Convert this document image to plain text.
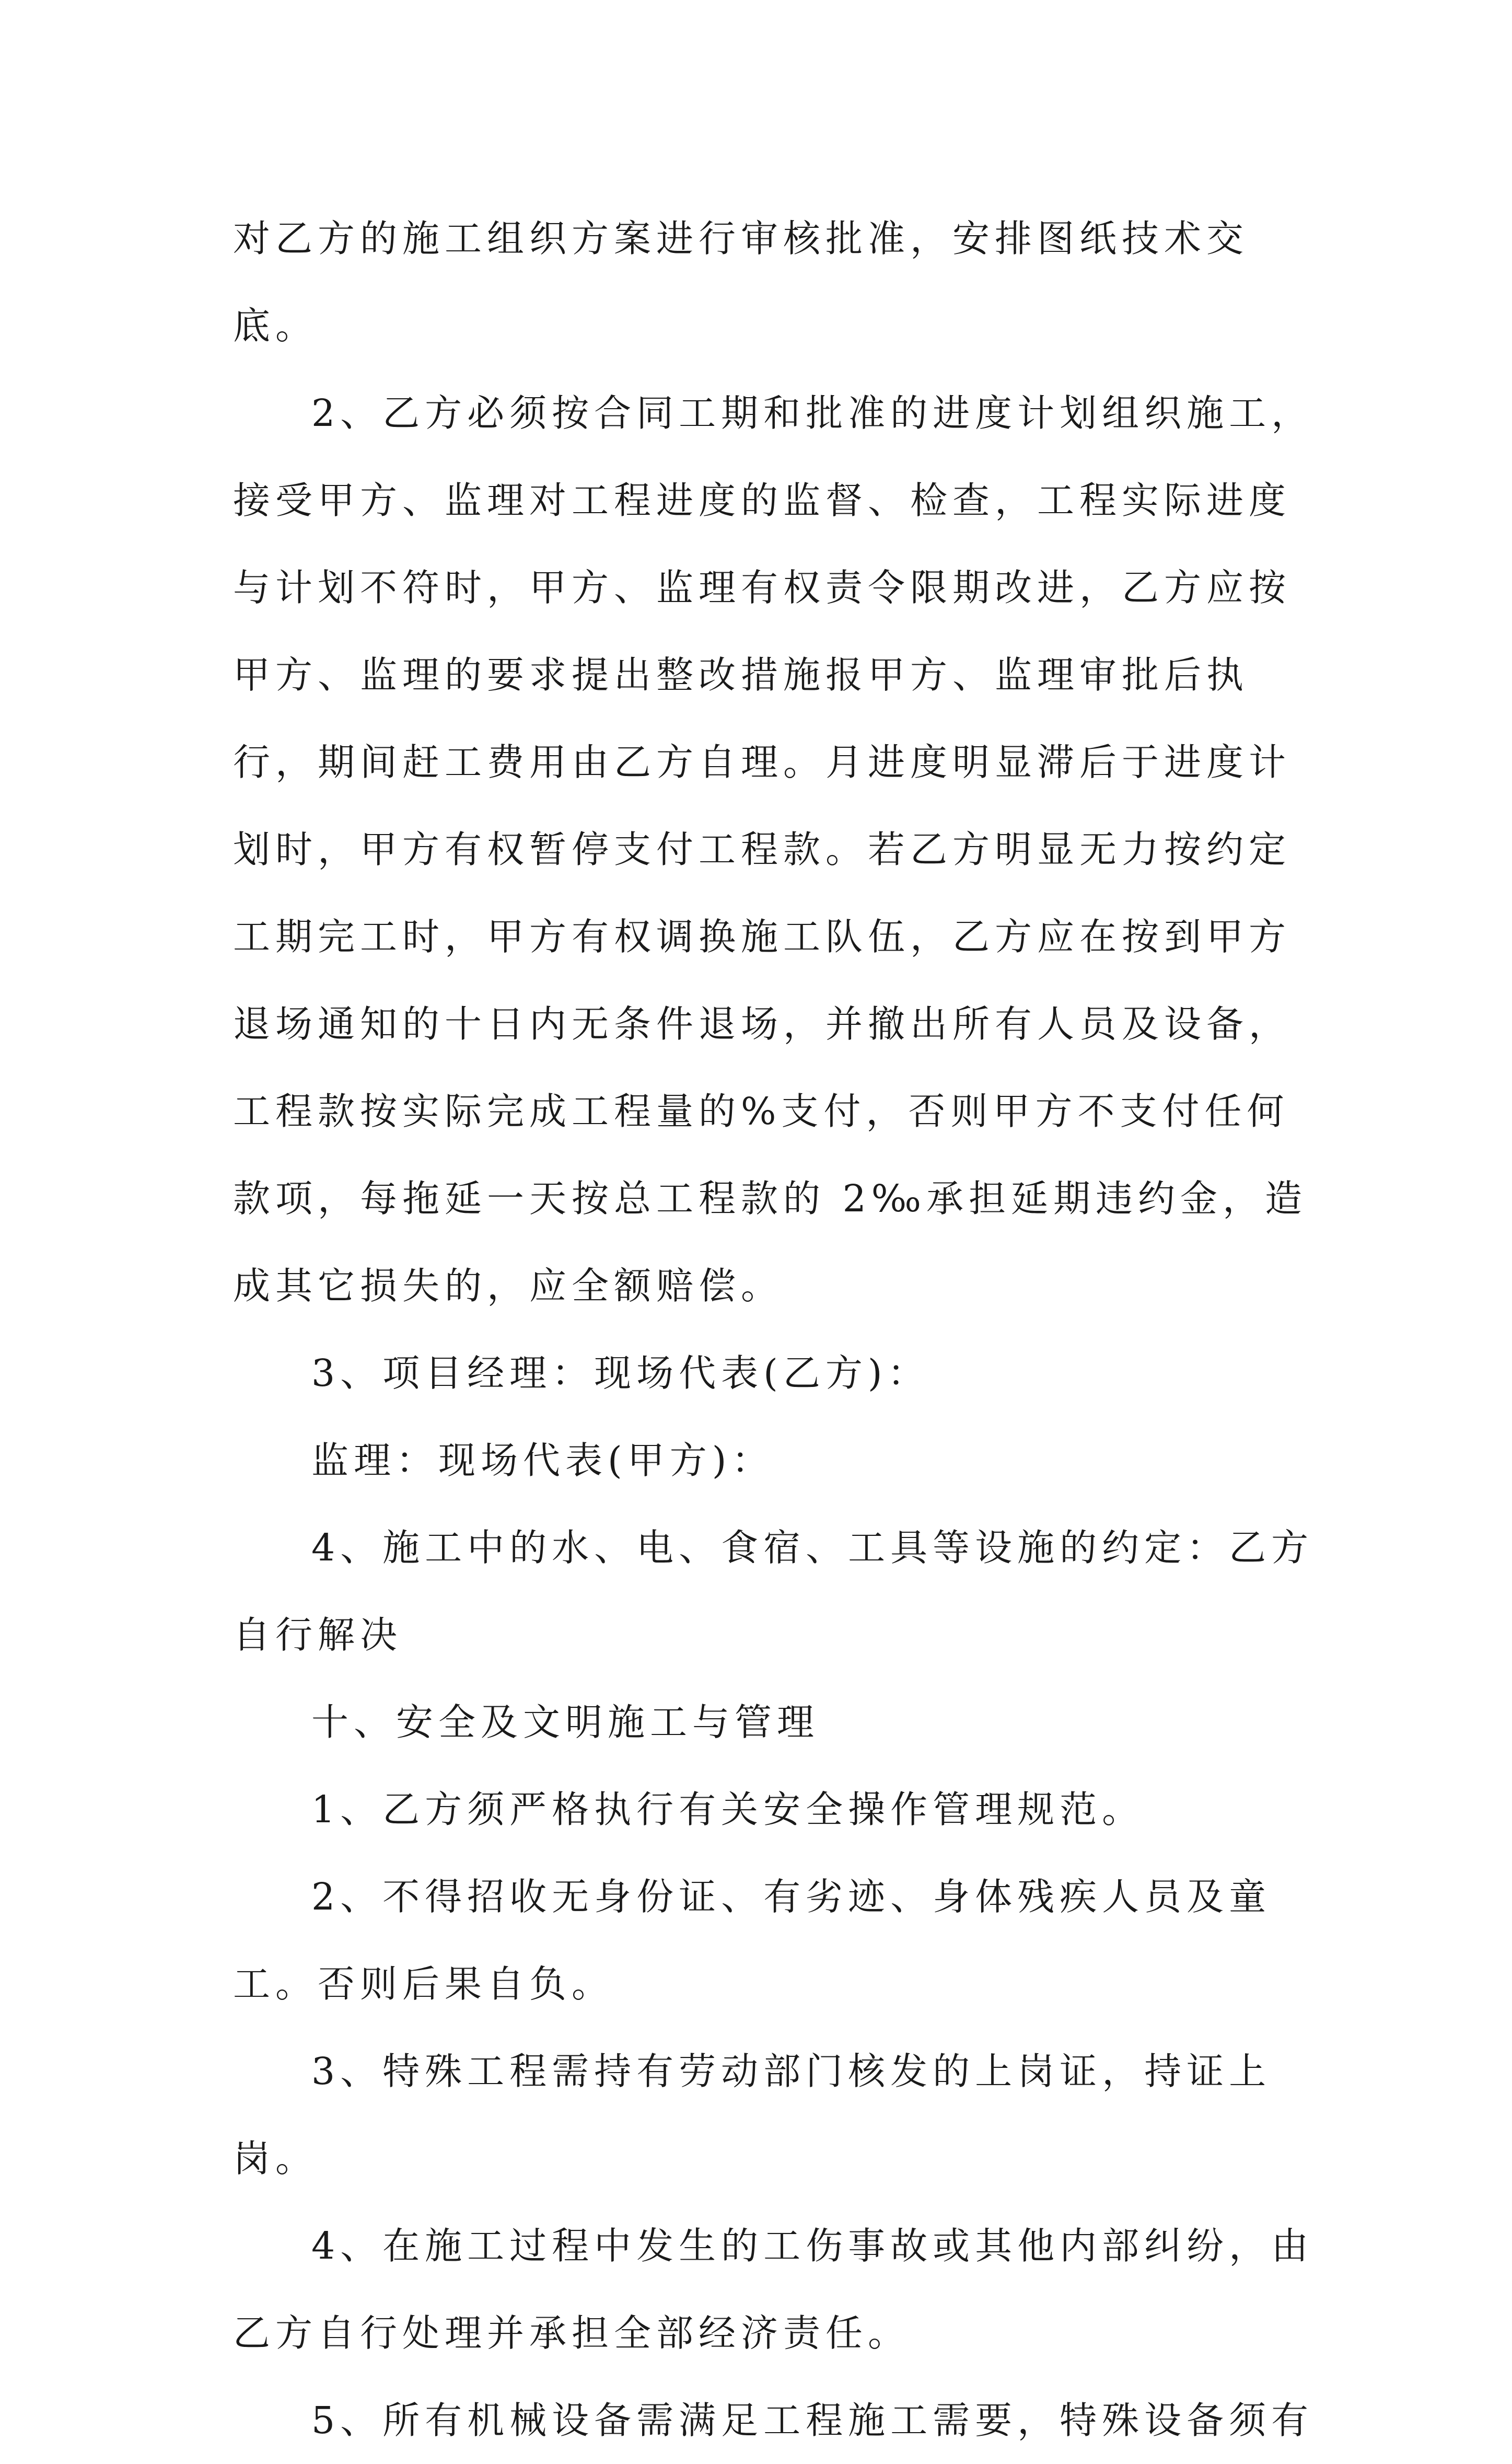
对乙方的施工组织方案进行审核批准，安排图纸技术交底。

2、乙方必须按合同工期和批准的进度计划组织施工，接受甲方、监理对工程进度的监督、检查，工程实际进度与计划不符时，甲方、监理有权责令限期改进，乙方应按甲方、监理的要求提出整改措施报甲方、监理审批后执行，期间赶工费用由乙方自理。月进度明显滞后于进度计划时，甲方有权暂停支付工程款。若乙方明显无力按约定工期完工时，甲方有权调换施工队伍，乙方应在按到甲方退场通知的十日内无条件退场，并撤出所有人员及设备，工程款按实际完成工程量的%支付，否则甲方不支付任何款项，每拖延一天按总工程款的 2‰承担延期违约金，造成其它损失的，应全额赔偿。

3、项目经理：现场代表(乙方)：

监理：现场代表(甲方)：

4、施工中的水、电、食宿、工具等设施的约定：乙方自行解决

十、安全及文明施工与管理

1、乙方须严格执行有关安全操作管理规范。

2、不得招收无身份证、有劣迹、身体残疾人员及童工。否则后果自负。

3、特殊工程需持有劳动部门核发的上岗证，持证上岗。

4、在施工过程中发生的工伤事故或其他内部纠纷，由乙方自行处理并承担全部经济责任。

5、所有机械设备需满足工程施工需要，特殊设备须有
